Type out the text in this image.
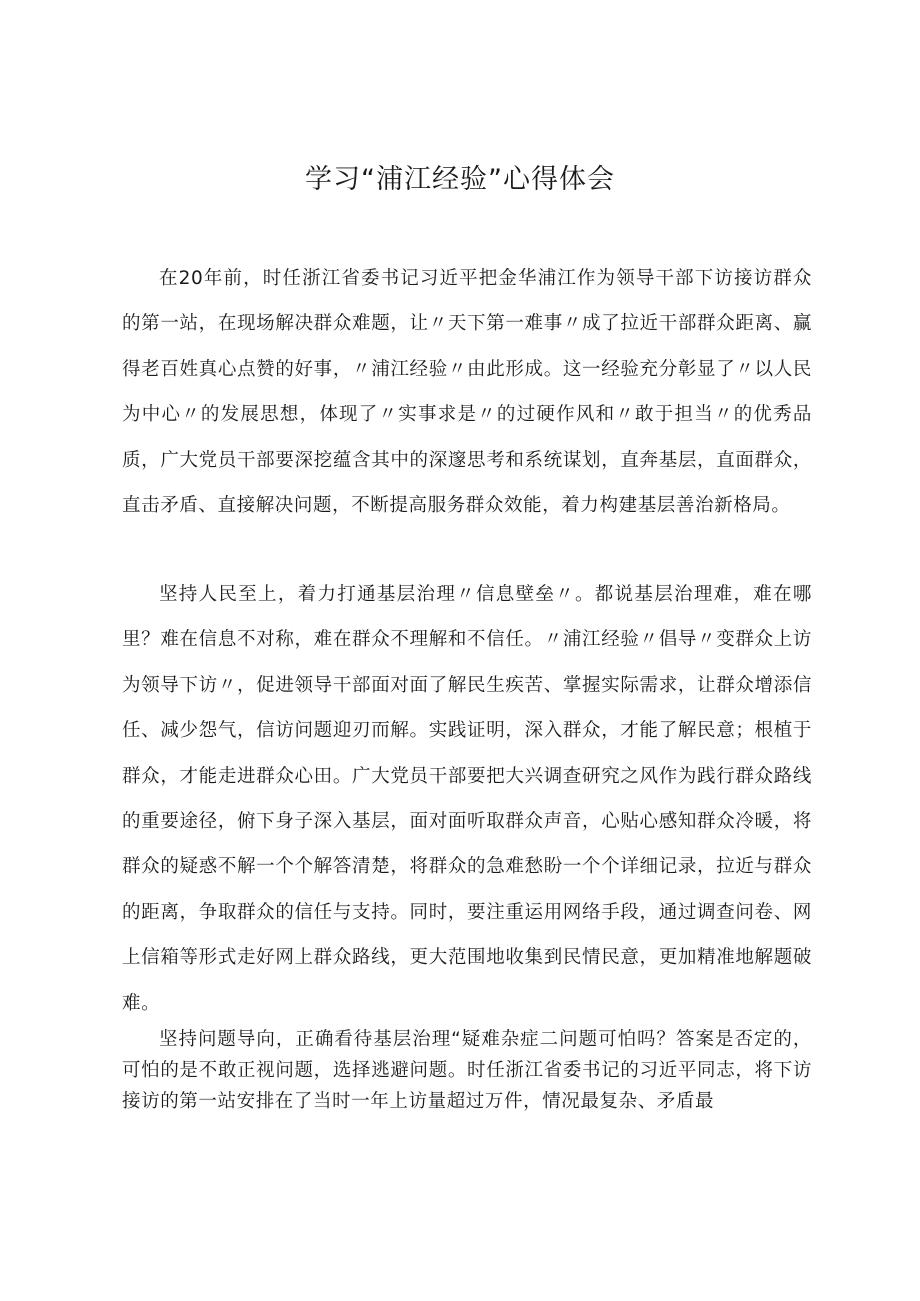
学习“浦江经验”心得体会

在20年前，时任浙江省委书记习近平把金华浦江作为领导干部下访接访群众的第一站，在现场解决群众难题，让〃天下第一难事〃成了拉近干部群众距离、赢得老百姓真心点赞的好事，〃浦江经验〃由此形成。这一经验充分彰显了〃以人民为中心〃的发展思想，体现了〃实事求是〃的过硬作风和〃敢于担当〃的优秀品质，广大党员干部要深挖蕴含其中的深邃思考和系统谋划，直奔基层，直面群众，直击矛盾、直接解决问题，不断提高服务群众效能，着力构建基层善治新格局。

坚持人民至上，着力打通基层治理〃信息壁垒〃。都说基层治理难，难在哪里？难在信息不对称，难在群众不理解和不信任。〃浦江经验〃倡导〃变群众上访为领导下访〃，促进领导干部面对面了解民生疾苦、掌握实际需求，让群众增添信任、减少怨气，信访问题迎刃而解。实践证明，深入群众，才能了解民意；根植于群众，才能走进群众心田。广大党员干部要把大兴调查研究之风作为践行群众路线的重要途径，俯下身子深入基层，面对面听取群众声音，心贴心感知群众冷暖，将群众的疑惑不解一个个解答清楚，将群众的急难愁盼一个个详细记录，拉近与群众的距离，争取群众的信任与支持。同时，要注重运用网络手段，通过调查问卷、网上信箱等形式走好网上群众路线，更大范围地收集到民情民意，更加精准地解题破难。

坚持问题导向，正确看待基层治理“疑难杂症二问题可怕吗？答案是否定的，可怕的是不敢正视问题，选择逃避问题。时任浙江省委书记的习近平同志，将下访接访的第一站安排在了当时一年上访量超过万件，情况最复杂、矛盾最
